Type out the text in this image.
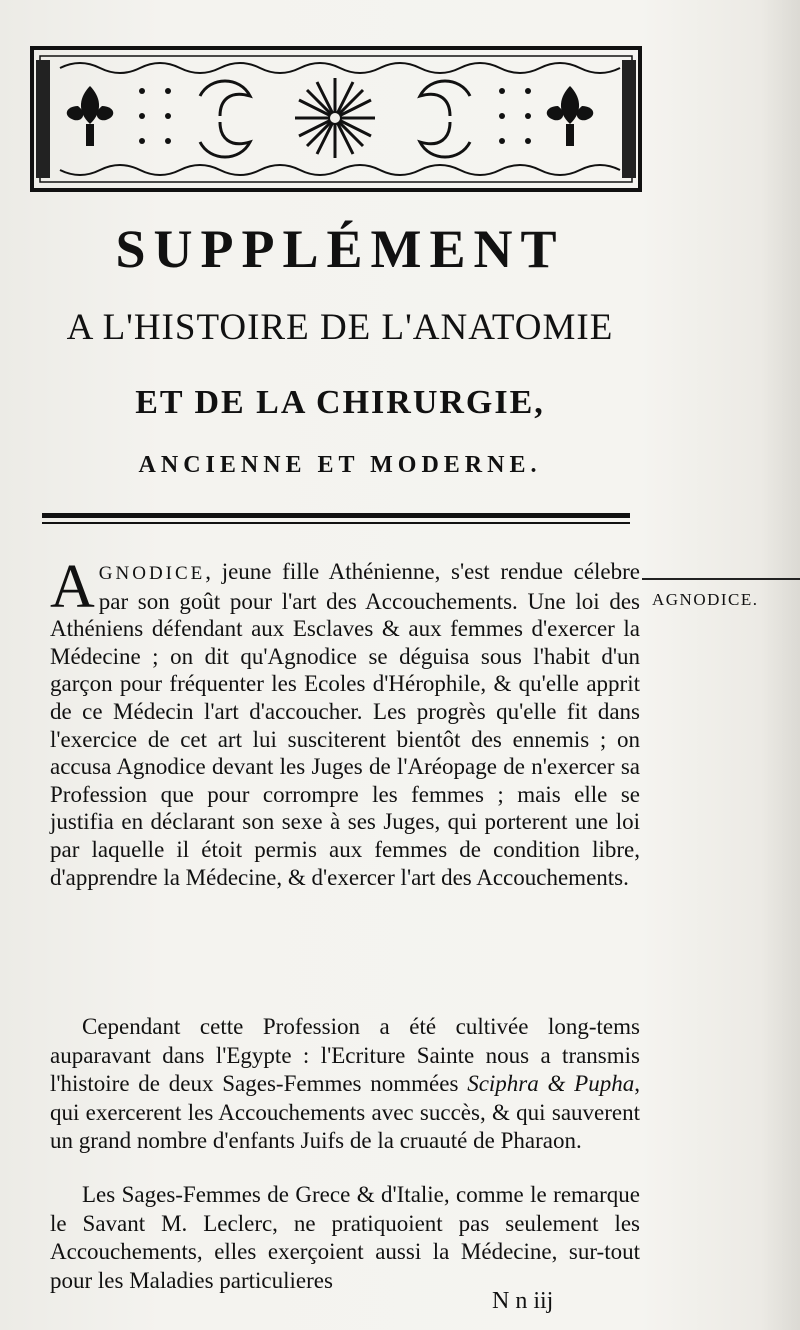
SUPPLÉMENT
A L'HISTOIRE DE L'ANATOMIE
ET DE LA CHIRURGIE,
ANCIENNE ET MODERNE.
AGNODICE.

AGNODICE, jeune fille Athénienne, s'est rendue célebre par son goût pour l'art des Accouchements. Une loi des Athéniens défendant aux Esclaves & aux femmes d'exercer la Médecine ; on dit qu'Agnodice se déguisa sous l'habit d'un garçon pour fréquenter les Ecoles d'Hérophile, & qu'elle apprit de ce Médecin l'art d'accoucher. Les progrès qu'elle fit dans l'exercice de cet art lui susciterent bientôt des ennemis ; on accusa Agnodice devant les Juges de l'Aréopage de n'exercer sa Profession que pour corrompre les femmes ; mais elle se justifia en déclarant son sexe à ses Juges, qui porterent une loi par laquelle il étoit permis aux femmes de condition libre, d'apprendre la Médecine, & d'exercer l'art des Accouchements.

Cependant cette Profession a été cultivée long-tems auparavant dans l'Egypte : l'Ecriture Sainte nous a transmis l'histoire de deux Sages-Femmes nommées Sciphra & Pupha, qui exercerent les Accouchements avec succès, & qui sauverent un grand nombre d'enfants Juifs de la cruauté de Pharaon.

Les Sages-Femmes de Grece & d'Italie, comme le remarque le Savant M. Leclerc, ne pratiquoient pas seulement les Accouchements, elles exerçoient aussi la Médecine, sur-tout pour les Maladies particulieres

N n iij
